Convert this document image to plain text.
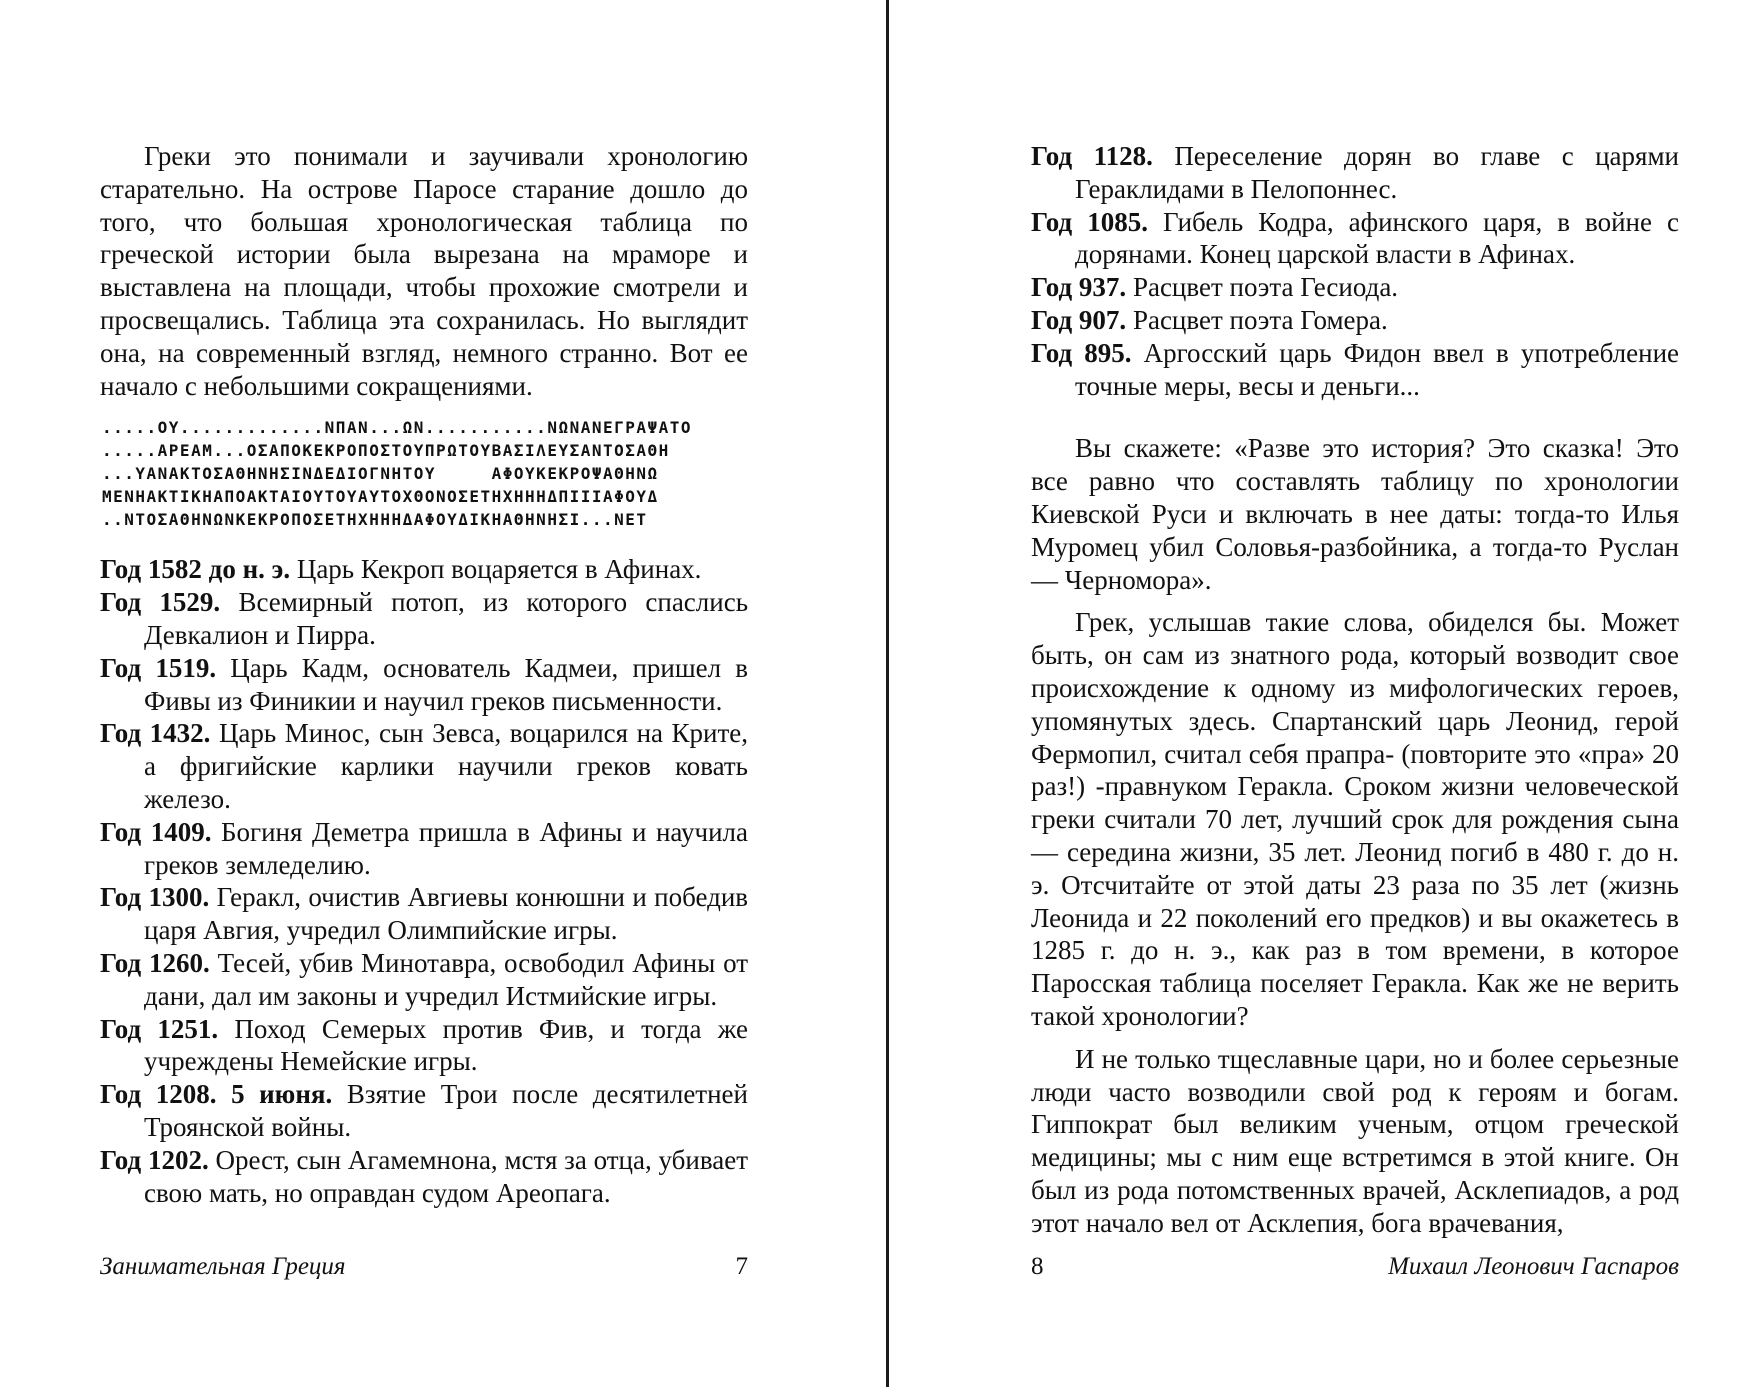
Греки это понимали и заучивали хронологию старательно. На острове Паросе старание дошло до того, что большая хронологическая таблица по греческой истории была вырезана на мраморе и выставлена на площади, чтобы прохожие смотрели и просвещались. Таблица эта сохранилась. Но выглядит она, на современный взгляд, немного странно. Вот ее начало с небольшими сокращениями.

.....ΟΥ.............ΝΠΑΝ...ΩΝ...........ΝΩΝΑΝΕΓΡΑΨΑΤΟ
.....ΑΡΕΑΜ...ΟΣΑΠΟΚΕΚΡΟΠΟΣΤΟΥΠΡΩΤΟΥΒΑΣΙΛΕΥΣΑΝΤΟΣΑΘΗ
...ΥΑΝΑΚΤΟΣΑΘΗΝΗΣΙΝΔΕΔΙΟΓΝΗΤΟΥ     ΑΦΟΥΚΕΚΡΟΨΑΘΗΝΩ
ΜΕΝΗΑΚΤΙΚΗΑΠΟΑΚΤΑΙΟΥΤΟΥΑΥΤΟΧΘΟΝΟΣΕΤΗΧΗΗΗΔΠΙΙΙΑΦΟΥΔ
..ΝΤΟΣΑΘΗΝΩΝΚΕΚΡΟΠΟΣΕΤΗΧΗΗΗΔΑΦΟΥΔΙΚΗΑΘΗΝΗΣΙ...ΝΕΤ

Год 1582 до н. э. Царь Кекроп воцаряется в Афинах.

Год 1529. Всемирный потоп, из которого спаслись Девкалион и Пирра.

Год 1519. Царь Кадм, основатель Кадмеи, пришел в Фивы из Финикии и научил греков письменности.

Год 1432. Царь Минос, сын Зевса, воцарился на Крите, а фригийские карлики научили греков ковать железо.

Год 1409. Богиня Деметра пришла в Афины и научила греков земледелию.

Год 1300. Геракл, очистив Авгиевы конюшни и победив царя Авгия, учредил Олимпийские игры.

Год 1260. Тесей, убив Минотавра, освободил Афины от дани, дал им законы и учредил Истмийские игры.

Год 1251. Поход Семерых против Фив, и тогда же учреждены Немейские игры.

Год 1208. 5 июня. Взятие Трои после десятилетней Троянской войны.

Год 1202. Орест, сын Агамемнона, мстя за отца, убивает свою мать, но оправдан судом Ареопага.

Занимательная Греция	7

Год 1128. Переселение дорян во главе с царями Гераклидами в Пелопоннес.

Год 1085. Гибель Кодра, афинского царя, в войне с дорянами. Конец царской власти в Афинах.

Год 937. Расцвет поэта Гесиода.

Год 907. Расцвет поэта Гомера.

Год 895. Аргосский царь Фидон ввел в употребление точные меры, весы и деньги...

Вы скажете: «Разве это история? Это сказка! Это все равно что составлять таблицу по хронологии Киевской Руси и включать в нее даты: тогда-то Илья Муромец убил Соловья-разбойника, а тогда-то Руслан — Черномора».

Грек, услышав такие слова, обиделся бы. Может быть, он сам из знатного рода, который возводит свое происхождение к одному из мифологических героев, упомянутых здесь. Спартанский царь Леонид, герой Фермопил, считал себя прапра- (повторите это «пра» 20 раз!) -правнуком Геракла. Сроком жизни человеческой греки считали 70 лет, лучший срок для рождения сына — середина жизни, 35 лет. Леонид погиб в 480 г. до н. э. Отсчитайте от этой даты 23 раза по 35 лет (жизнь Леонида и 22 поколений его предков) и вы окажетесь в 1285 г. до н. э., как раз в том времени, в которое Паросская таблица поселяет Геракла. Как же не верить такой хронологии?

И не только тщеславные цари, но и более серьезные люди часто возводили свой род к героям и богам. Гиппократ был великим ученым, отцом греческой медицины; мы с ним еще встретимся в этой книге. Он был из рода потомственных врачей, Асклепиадов, а род этот начало вел от Асклепия, бога врачевания,

8	Михаил Леонович Гаспаров
